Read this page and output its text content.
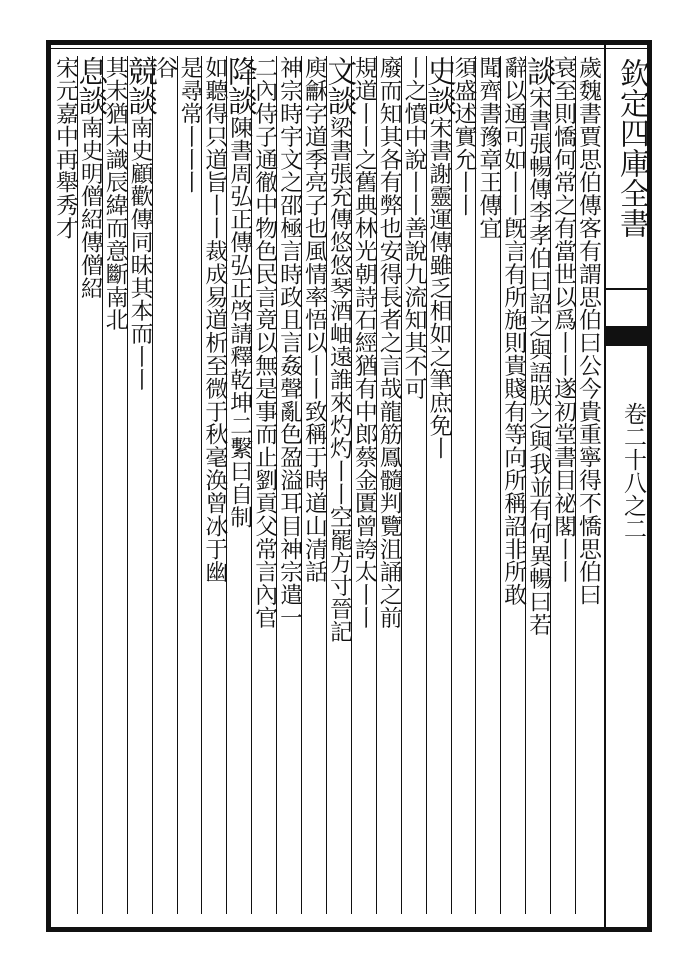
欽定四庫全書
卷二十八之二
歲魏書賈思伯傳客有謂思伯曰公今貴重寧得不憍思伯曰
衰至則憍何常之有當世以爲丨丨遂初堂書目祕閣丨丨
談宋書張暢傳李孝伯曰詔之與語朕之與我並有何異暢曰若
辭以通可如丨丨旣言有所施則貴賤有等向所稱詔非所敢
聞齊書豫章王傳宜
須盛述實允丨丨
史談宋書謝靈運傳雖乏相如之筆庶免丨
丨之憤中說丨丨善說九流知其不可
廢而知其各有弊也安得長者之言哉龍筋鳳髓判覽沮誦之前
規道丨丨之舊典林光朝詩石經猶有中郎蔡金匱曾誇太丨丨
文談梁書張充傳悠悠琴酒岫遠誰來灼灼丨丨空罷方寸晉記
庾龢字道季亮子也風情率悟以丨丨致稱于時道山清話
神宗時宇文之邵極言時政且言姦聲亂色盈溢耳目神宗遣一
二內侍子通徹中物色民言竟以無是事而止劉貢父常言內官
降談陳書周弘正傳弘正啓請釋乾坤二繫曰自制
如聽得只道旨丨丨裁成易道析至微于秋毫涣曾冰于幽
是尋常丨丨丨
谷
競談南史顧歡傳同昧其本而丨丨
其末猶未識辰緯而意斷南北
息談南史明僧紹傳僧紹
宋元嘉中再舉秀才
